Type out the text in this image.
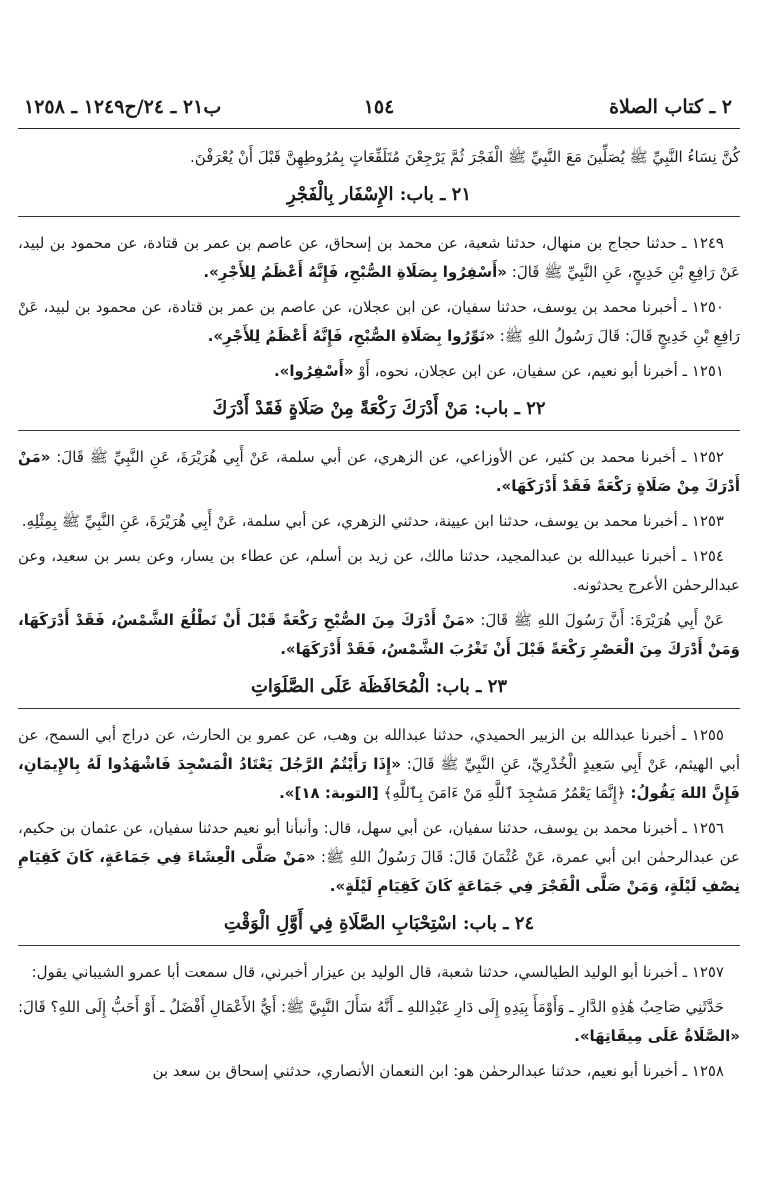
٢ ـ كتاب الصلاة
١٥٤
ب٢١ ـ ٢٤/ح١٢٤٩ ـ ١٢٥٨

كُنَّ نِسَاءُ النَّبِيِّ ﷺ يُصَلِّينَ مَعَ النَّبِيِّ ﷺ الْفَجْرَ ثُمَّ يَرْجِعْنَ مُتَلَفِّعَاتٍ بِمُرُوطِهِنَّ قَبْلَ أَنْ يُعْرَفْنَ.

٢١ ـ باب: الإِسْفَار بِالْفَجْرِ

١٢٤٩ ـ حدثنا حجاج بن منهال، حدثنا شعبة، عن محمد بن إسحاق، عن عاصم بن عمر بن قتادة، عن محمود بن لبيد، عَنْ رَافِعِ بْنِ خَدِيجٍ، عَنِ النَّبِيِّ ﷺ قَالَ: «أَسْفِرُوا بِصَلَاةِ الصُّبْحِ، فَإِنَّهُ أَعْظَمُ لِلأَجْرِ».

١٢٥٠ ـ أخبرنا محمد بن يوسف، حدثنا سفيان، عن ابن عجلان، عن عاصم بن عمر بن قتادة، عن محمود بن لبيد، عَنْ رَافِعِ بْنِ خَدِيجٍ قَالَ: قَالَ رَسُولُ اللهِ ﷺ: «نَوِّرُوا بِصَلَاةِ الصُّبْحِ، فَإِنَّهُ أَعْظَمُ لِلأَجْرِ».

١٢٥١ ـ أخبرنا أبو نعيم، عن سفيان، عن ابن عجلان، نحوه، أَوْ «أَسْفِرُوا».

٢٢ ـ باب: مَنْ أَدْرَكَ رَكْعَةً مِنْ صَلَاةٍ فَقَدْ أَدْرَكَ

١٢٥٢ ـ أخبرنا محمد بن كثير، عن الأوزاعي، عن الزهري، عن أبي سلمة، عَنْ أَبِي هُرَيْرَةَ، عَنِ النَّبِيِّ ﷺ قَالَ: «مَنْ أَدْرَكَ مِنْ صَلَاةٍ رَكْعَةً فَقَدْ أَدْرَكَهَا».

١٢٥٣ ـ أخبرنا محمد بن يوسف، حدثنا ابن عيينة، حدثني الزهري، عن أبي سلمة، عَنْ أَبِي هُرَيْرَةَ، عَنِ النَّبِيِّ ﷺ بِمِثْلِهِ.

١٢٥٤ ـ أخبرنا عبيدالله بن عبدالمجيد، حدثنا مالك، عن زيد بن أسلم، عن عطاء بن يسار، وعن بسر بن سعيد، وعن عبدالرحمٰن الأعرج يحدثونه.

عَنْ أَبِي هُرَيْرَةَ: أَنَّ رَسُولَ اللهِ ﷺ قَالَ: «مَنْ أَدْرَكَ مِنَ الصُّبْحِ رَكْعَةً قَبْلَ أَنْ تَطْلُعَ الشَّمْسُ، فَقَدْ أَدْرَكَهَا، وَمَنْ أَدْرَكَ مِنَ الْعَصْرِ رَكْعَةً قَبْلَ أَنْ تَغْرُبَ الشَّمْسُ، فَقَدْ أَدْرَكَهَا».

٢٣ ـ باب: الْمُحَافَظَة عَلَى الصَّلَوَاتِ

١٢٥٥ ـ أخبرنا عبدالله بن الزبير الحميدي، حدثنا عبدالله بن وهب، عن عمرو بن الحارث، عن دراج أبي السمح، عن أبي الهيثم، عَنْ أَبِي سَعِيدٍ الْخُدْرِيِّ، عَنِ النَّبِيِّ ﷺ قَالَ: «إِذَا رَأَيْتُمُ الرَّجُلَ يَعْتَادُ الْمَسْجِدَ فَاشْهَدُوا لَهُ بِالإِيمَانِ، فَإِنَّ اللهَ يَقُولُ: ﴿إِنَّمَا يَعْمُرُ مَسَٰجِدَ ٱللَّهِ مَنْ ءَامَنَ بِٱللَّهِ﴾ [التوبة: ١٨]».

١٢٥٦ ـ أخبرنا محمد بن يوسف، حدثنا سفيان، عن أبي سهل، قال: وأنبأنا أبو نعيم حدثنا سفيان، عن عثمان بن حكيم، عن عبدالرحمٰن ابن أبي عمرة، عَنْ عُثْمَانَ قَالَ: قَالَ رَسُولُ اللهِ ﷺ: «مَنْ صَلَّى الْعِشَاءَ فِي جَمَاعَةٍ، كَانَ كَقِيَامِ نِصْفِ لَيْلَةٍ، وَمَنْ صَلَّى الْفَجْرَ فِي جَمَاعَةٍ كَانَ كَقِيَامِ لَيْلَةٍ».

٢٤ ـ باب: اسْتِحْبَابِ الصَّلَاةِ فِي أَوَّلِ الْوَقْتِ

١٢٥٧ ـ أخبرنا أبو الوليد الطيالسي، حدثنا شعبة، قال الوليد بن عيزار أخبرني، قال سمعت أبا عمرو الشيباني يقول:

حَدَّثَنِي صَاحِبُ هَٰذِهِ الدَّارِ ـ وَأَوْمَأَ بِيَدِهِ إِلَى دَارِ عَبْدِاللهِ ـ أَنَّهُ سَأَلَ النَّبِيَّ ﷺ: أَيُّ الأَعْمَالِ أَفْضَلُ ـ أَوْ أَحَبُّ إِلَى اللهِ؟ قَالَ: «الصَّلَاةُ عَلَى مِيقَاتِهَا».

١٢٥٨ ـ أخبرنا أبو نعيم، حدثنا عبدالرحمٰن هو: ابن النعمان الأنصاري، حدثني إسحاق بن سعد بن
